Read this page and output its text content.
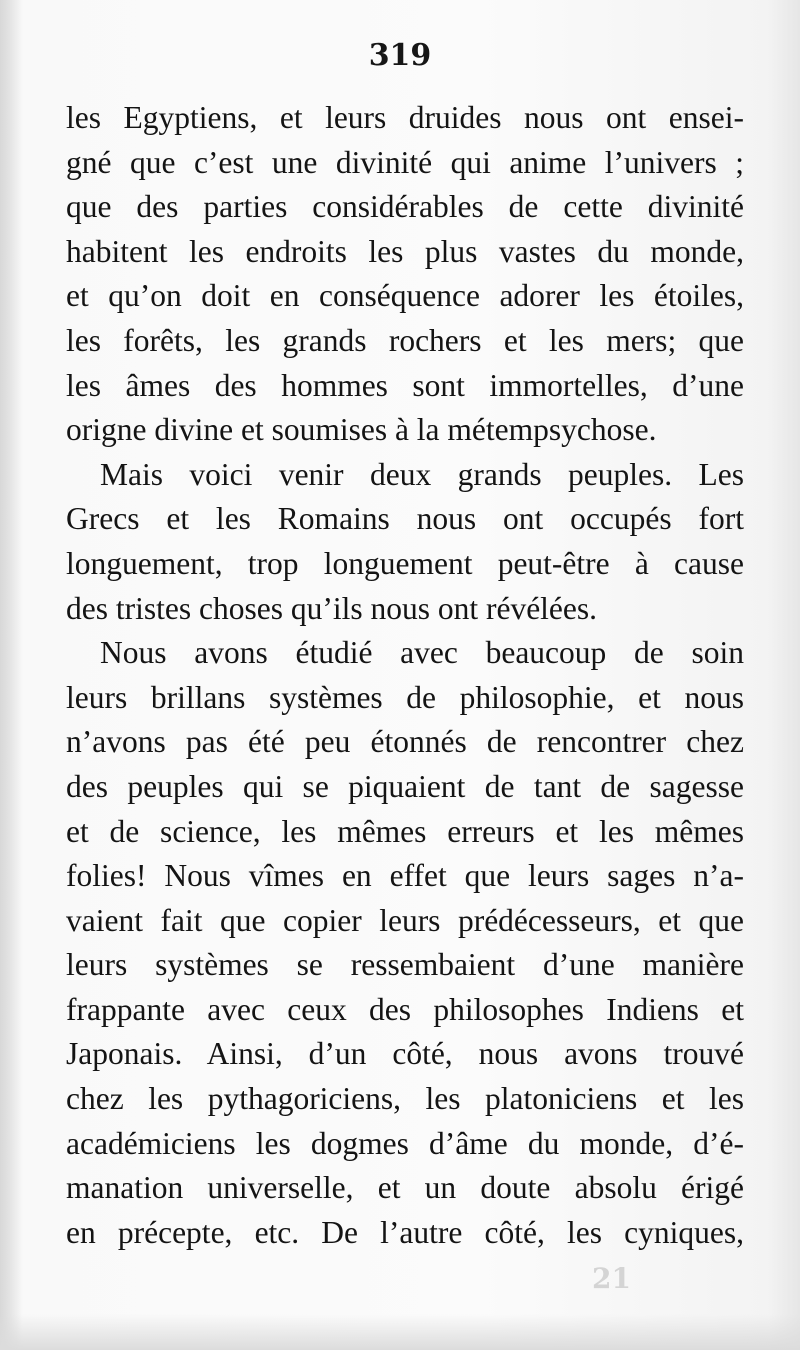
319
les Egyptiens, et leurs druides nous ont ensei-
gné que c’est une divinité qui anime l’univers ;
que des parties considérables de cette divinité
habitent les endroits les plus vastes du monde,
et qu’on doit en conséquence adorer les étoiles,
les forêts, les grands rochers et les mers; que
les âmes des hommes sont immortelles, d’une
origne divine et soumises à la métempsychose.
Mais voici venir deux grands peuples. Les
Grecs et les Romains nous ont occupés fort
longuement, trop longuement peut-être à cause
des tristes choses qu’ils nous ont révélées.
Nous avons étudié avec beaucoup de soin
leurs brillans systèmes de philosophie, et nous
n’avons pas été peu étonnés de rencontrer chez
des peuples qui se piquaient de tant de sagesse
et de science, les mêmes erreurs et les mêmes
folies! Nous vîmes en effet que leurs sages n’a-
vaient fait que copier leurs prédécesseurs, et que
leurs systèmes se ressembaient d’une manière
frappante avec ceux des philosophes Indiens et
Japonais. Ainsi, d’un côté, nous avons trouvé
chez les pythagoriciens, les platoniciens et les
académiciens les dogmes d’âme du monde, d’é-
manation universelle, et un doute absolu érigé
en précepte, etc. De l’autre côté, les cyniques,
21
